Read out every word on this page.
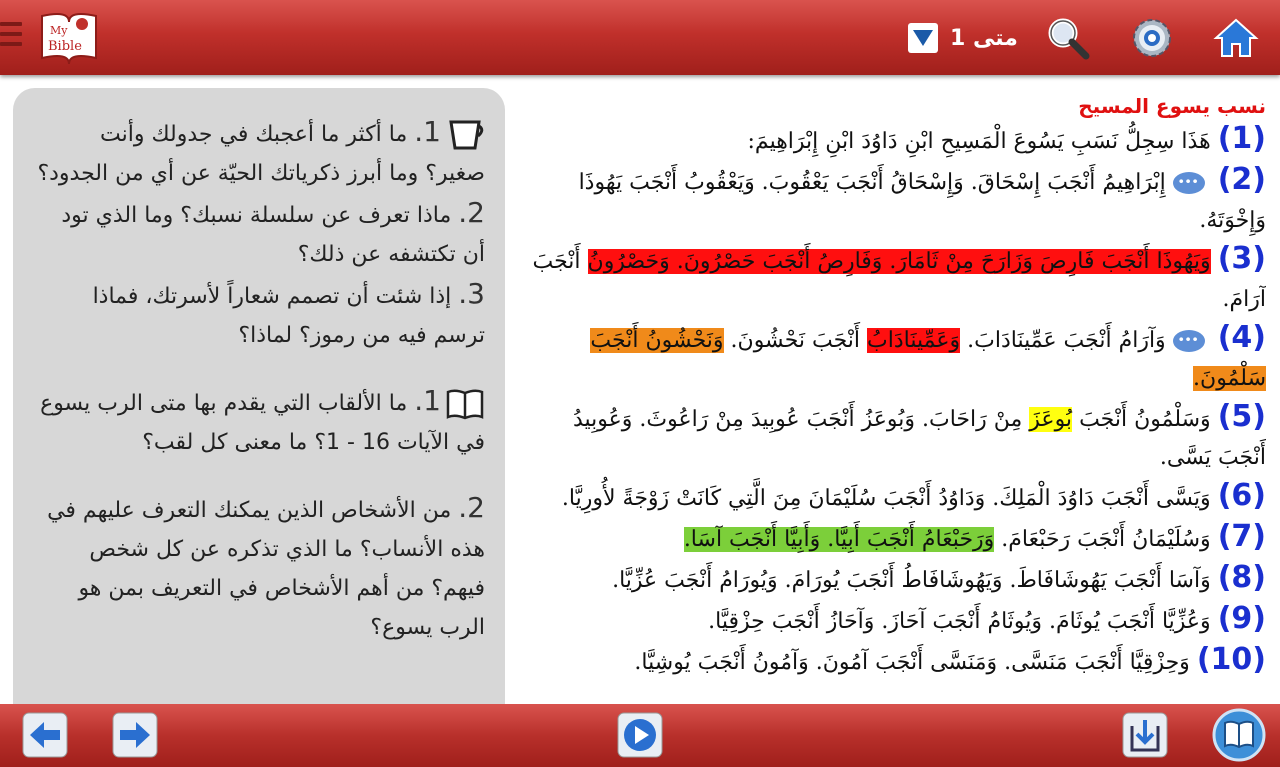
My
Bible	متى 1
1. ما أكثر ما أعجبك في جدولك وأنت صغير؟ وما أبرز ذكرياتك الحيّة عن أي من الجدود؟
2. ماذا تعرف عن سلسلة نسبك؟ وما الذي تود أن تكتشفه عن ذلك؟
3. إذا شئت أن تصمم شعاراً لأسرتك، فماذا ترسم فيه من رموز؟ لماذا؟
1. ما الألقاب التي يقدم بها متى الرب يسوع في الآيات 16 - 1؟ ما معنى كل لقب؟
2. من الأشخاص الذين يمكنك التعرف عليهم في هذه الأنساب؟ ما الذي تذكره عن كل شخص فيهم؟ من أهم الأشخاص في التعريف بمن هو الرب يسوع؟
نسب يسوع المسيح
(1) هَذَا سِجِلُّ نَسَبِ يَسُوعَ الْمَسِيحِ ابْنِ دَاوُدَ ابْنِ إِبْرَاهِيمَ:
(2) ··· إِبْرَاهِيمُ أَنْجَبَ إِسْحَاقَ. وَإِسْحَاقُ أَنْجَبَ يَعْقُوبَ. وَيَعْقُوبُ أَنْجَبَ يَهُوذَا وَإِخْوَتَهُ.
(3) وَيَهُوذَا أَنْجَبَ فَارِصَ وَزَارَحَ مِنْ ثَامَارَ. وَفَارِصُ أَنْجَبَ حَصْرُونَ. وَحَصْرُونُ أَنْجَبَ آرَامَ.
(4) ··· وَآرَامُ أَنْجَبَ عَمِّينَادَابَ. وَعَمِّينَادَابُ أَنْجَبَ نَحْشُونَ. وَنَحْشُونُ أَنْجَبَ سَلْمُونَ.
(5) وَسَلْمُونُ أَنْجَبَ بُوعَزَ مِنْ رَاحَابَ. وَبُوعَزُ أَنْجَبَ عُوبِيدَ مِنْ رَاعُوثَ. وَعُوبِيدُ أَنْجَبَ يَسَّى.
(6) وَيَسَّى أَنْجَبَ دَاوُدَ الْمَلِكَ. وَدَاوُدُ أَنْجَبَ سُلَيْمَانَ مِنَ الَّتِي كَانَتْ زَوْجَةً لأُورِيَّا.
(7) وَسُلَيْمَانُ أَنْجَبَ رَحَبْعَامَ. وَرَحَبْعَامُ أَنْجَبَ أَبِيَّا. وَأَبِيَّا أَنْجَبَ آسَا.
(8) وَآسَا أَنْجَبَ يَهُوشَافَاطَ. وَيَهُوشَافَاطُ أَنْجَبَ يُورَامَ. وَيُورَامُ أَنْجَبَ عُزِّيَّا.
(9) وَعُزِّيَّا أَنْجَبَ يُوثَامَ. وَيُوثَامُ أَنْجَبَ آحَازَ. وَآحَازُ أَنْجَبَ حِزْقِيَّا.
(10) وَحِزْقِيَّا أَنْجَبَ مَنَسَّى. وَمَنَسَّى أَنْجَبَ آمُونَ. وَآمُونُ أَنْجَبَ يُوشِيَّا.
